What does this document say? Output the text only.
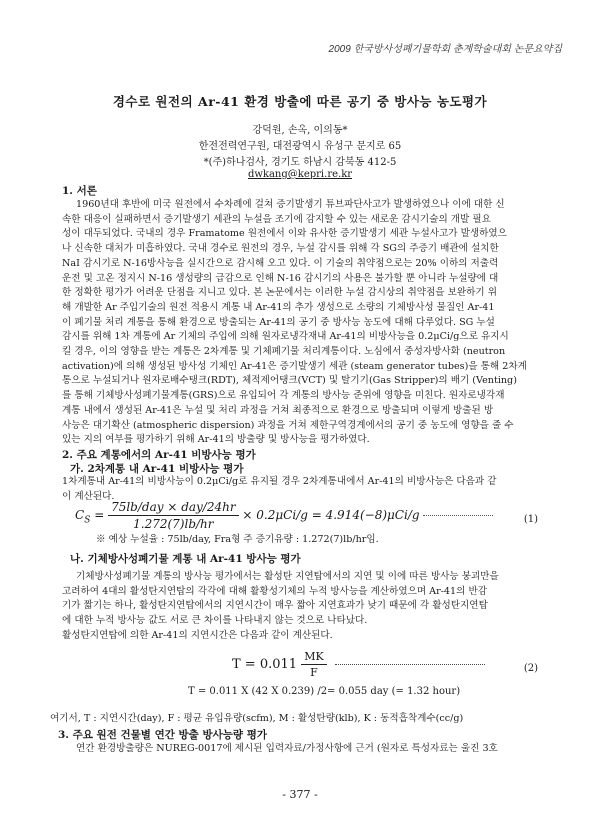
2009 한국방사성폐기물학회 춘계학술대회 논문요약집
경수로 원전의 Ar-41 환경 방출에 따른 공기 중 방사능 농도평가
강덕원, 손옥, 이의동*
한전전력연구원, 대전광역시 유성구 문지로 65
*(주)하나검사, 경기도 하남시 감북동 412-5
dwkang@kepri.re.kr
1. 서론

1960년대 후반에 미국 원전에서 수차례에 걸쳐 증기발생기 튜브파단사고가 발생하였으나 이에 대한 신

속한 대응이 실패하면서 증기발생기 세관의 누설을 조기에 감지할 수 있는 새로운 감시기술의 개발 필요

성이 대두되었다. 국내의 경우 Framatome 원전에서 이와 유사한 증기발생기 세관 누설사고가 발생하였으

나 신속한 대처가 미흡하였다. 국내 경수로 원전의 경우, 누설 감시를 위해 각 SG의 주증기 배관에 설치한

NaI 감시기로 N-16방사능을 실시간으로 감시해 오고 있다. 이 기술의 취약점으로는 20% 이하의 저출력

운전 및 고온 정지시 N-16 생성량의 급감으로 인해 N-16 감시기의 사용은 불가할 뿐 아니라 누설량에 대

한 정확한 평가가 어려운 단점을 지니고 있다. 본 논문에서는 이러한 누설 감시상의 취약점을 보완하기 위

해 개발한 Ar 주입기술의 원전 적용시 계통 내 Ar-41의 추가 생성으로 소량의 기체방사성 물질인 Ar-41

이 폐기물 처리 계통을 통해 환경으로 방출되는 Ar-41의 공기 중 방사능 농도에 대해 다루었다. SG 누설

감시를 위해 1차 계통에 Ar 기체의 주입에 의해 원자로냉각재내 Ar-41의 비방사능을 0.2μCi/g으로 유지시

킬 경우, 이의 영향을 받는 계통은 2차계통 및 기체폐기물 처리계통이다. 노심에서 중성자방사화 (neutron

activation)에 의해 생성된 방사성 기체인 Ar-41은 증기발생기 세관 (steam generator tubes)을 통해 2차계

통으로 누설되거나 원자로배수탱크(RDT), 체적제어탱크(VCT) 및 탈기기(Gas Stripper)의 배기 (Venting)

를 통해 기체방사성폐기물계통(GRS)으로 유입되어 각 계통의 방사능 준위에 영향을 미친다. 원자로냉각재

계통 내에서 생성된 Ar-41은 누설 및 처리 과정을 거쳐 최종적으로 환경으로 방출되며 이렇게 방출된 방

사능은 대기확산 (atmospheric dispersion) 과정을 거쳐 제한구역경계에서의 공기 중 농도에 영향을 줄 수

있는 지의 여부를 평가하기 위해 Ar-41의 방출량 및 방사능을 평가하였다.

2. 주요 계통에서의 Ar-41 비방사능 평가
가. 2차계통 내 Ar-41 비방사능 평가

1차계통내 Ar-41의 비방사능이 0.2μCi/g로 유지될 경우 2차계통내에서 Ar-41의 비방사능은 다음과 같

이 계산된다.

$C_S = \frac{\text{75lb/day × day/24hr}}{1.272(7)lb/hr} \times 0.2\mu Ci/g = 4.914(-8)\mu Ci/g$	(1)
※ 예상 누설율 : 75lb/day, Fra형 주 증기유량 : 1.272(7)lb/hr임.
나. 기체방사성폐기물 계통 내 Ar-41 방사능 평가

기체방사성폐기물 계통의 방사능 평가에서는 활성탄 지연탑에서의 지연 및 이에 따른 방사능 붕괴만을

고려하여 4대의 활성탄지연탑의 각각에 대해 활황성기체의 누적 방사능을 계산하였으며 Ar-41의 반감

기가 짧기는 하나, 활성탄지연탑에서의 지연시간이 매우 짧아 지연효과가 낮기 때문에 각 활성탄지연탑

에 대한 누적 방사능 값도 서로 큰 차이를 나타내지 않는 것으로 나타났다.

활성탄지연탑에 의한 Ar-41의 지연시간은 다음과 같이 계산된다.

$T = 0.011 \frac{MK}{F}$
	(2)
T = 0.011 X (42 X 0.239) /2= 0.055 day (= 1.32 hour)
여기서, T : 지연시간(day), F : 평균 유입유량(scfm), M : 활성탄량(klb), K : 동적흡착계수(cc/g)
3. 주요 원전 건물별 연간 방출 방사능량 평가

연간 환경방출량은 NUREG-0017에 제시된 입력자료/가정사항에 근거 (원자로 특성자료는 울진 3호

- 377 -
